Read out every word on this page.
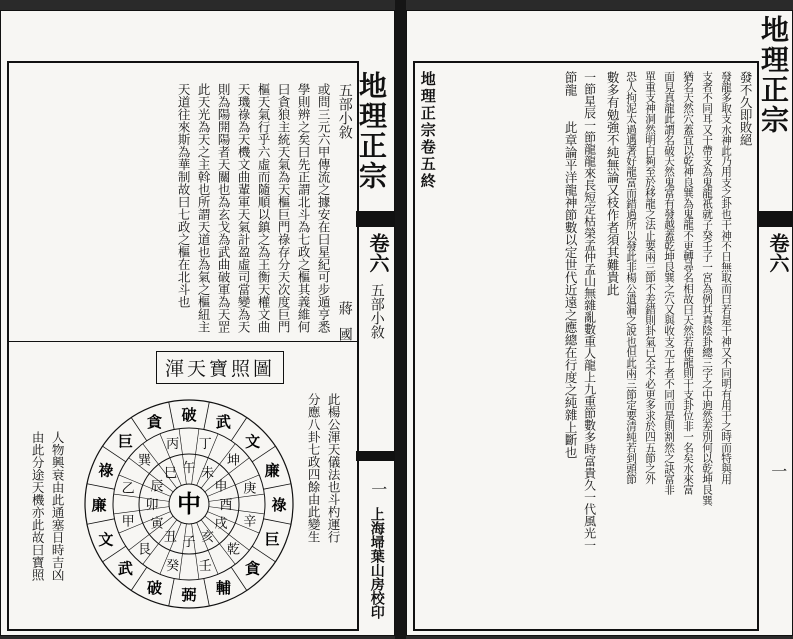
地理正宗
卷六
五部小敘
一
上海埽葉山房校印
五部小敘
蔣國
或問三元六甲傳流之據安在曰星紀可步遁亨悉
學則辨之矣曰先正謂北斗為七政之樞其義維何
曰貪狼主統天氣為天樞巨門祿存分天次度巨門
樞天氣行乎六虛而隨順以鎮之為王衡天權文曲
天璣祿為天機文曲輩軍天氣計盈虛司當變為天
則為陽開陽者天關也為玄戈為武曲破軍為天罡
此天光為天之主斡也所謂天道也為氣之樞紐主
天道往來斯為華制故曰七政之樞在北斗也
渾天寶照圖
此楊公渾天儀法也斗杓運行
分應八卦七政四餘由此變生
人物興衰由此通塞日時吉凶
由此分途天機亦此故曰寶照	午
丁
未
坤
申 庚
酉
辛
戌
乾
亥
壬
子
癸
丑
艮
寅
甲
卯
乙 辰
巽
巳
丙
破 武
文
廉
祿
巨
貪
輔
弼
破
武
文
廉
祿
巨
貪
中
地理正宗
卷六
一
地理正宗卷五終	發不久即敗絕
發龍多取支水神此乃用支之卦也干神不日無取而曰若是干神又不同明有用干之時而特與用
支者不同耳又干帶支為鬼龍祇就子癸壬子一宮為例其真陰卦總三字之中逈然差別何以乾坤艮巽
猶名天然穴蓋宜以乾神良巽為鬼龍不更轉尋名相故曰天然若使龍則干支卦位非一名矣水來富
面見真龍此謂名破天然鬼富有發越蓋乾坤艮巽之穴又與收支元干者不同而是則割然之訣富非
單重支神洞然明白夠至於移龍之法止要兩三節不差錯則卦氣已全不必更多求於四五節之外
恐人拘泥太過遇著好龍富而錯過所以發此非楊公遺漏之說也但此兩三節定要清純若到頭節
數多有勉強不純無論又枝作者須其難貴此
一節星辰一節龍龍來長短定枯榮孟仲孟山無雜亂數重人龍上九重節數多時富貴久一代風光一
節龍
此章論平洋龍神節數以定世代近遠之應總在行度之純雜上斷也
